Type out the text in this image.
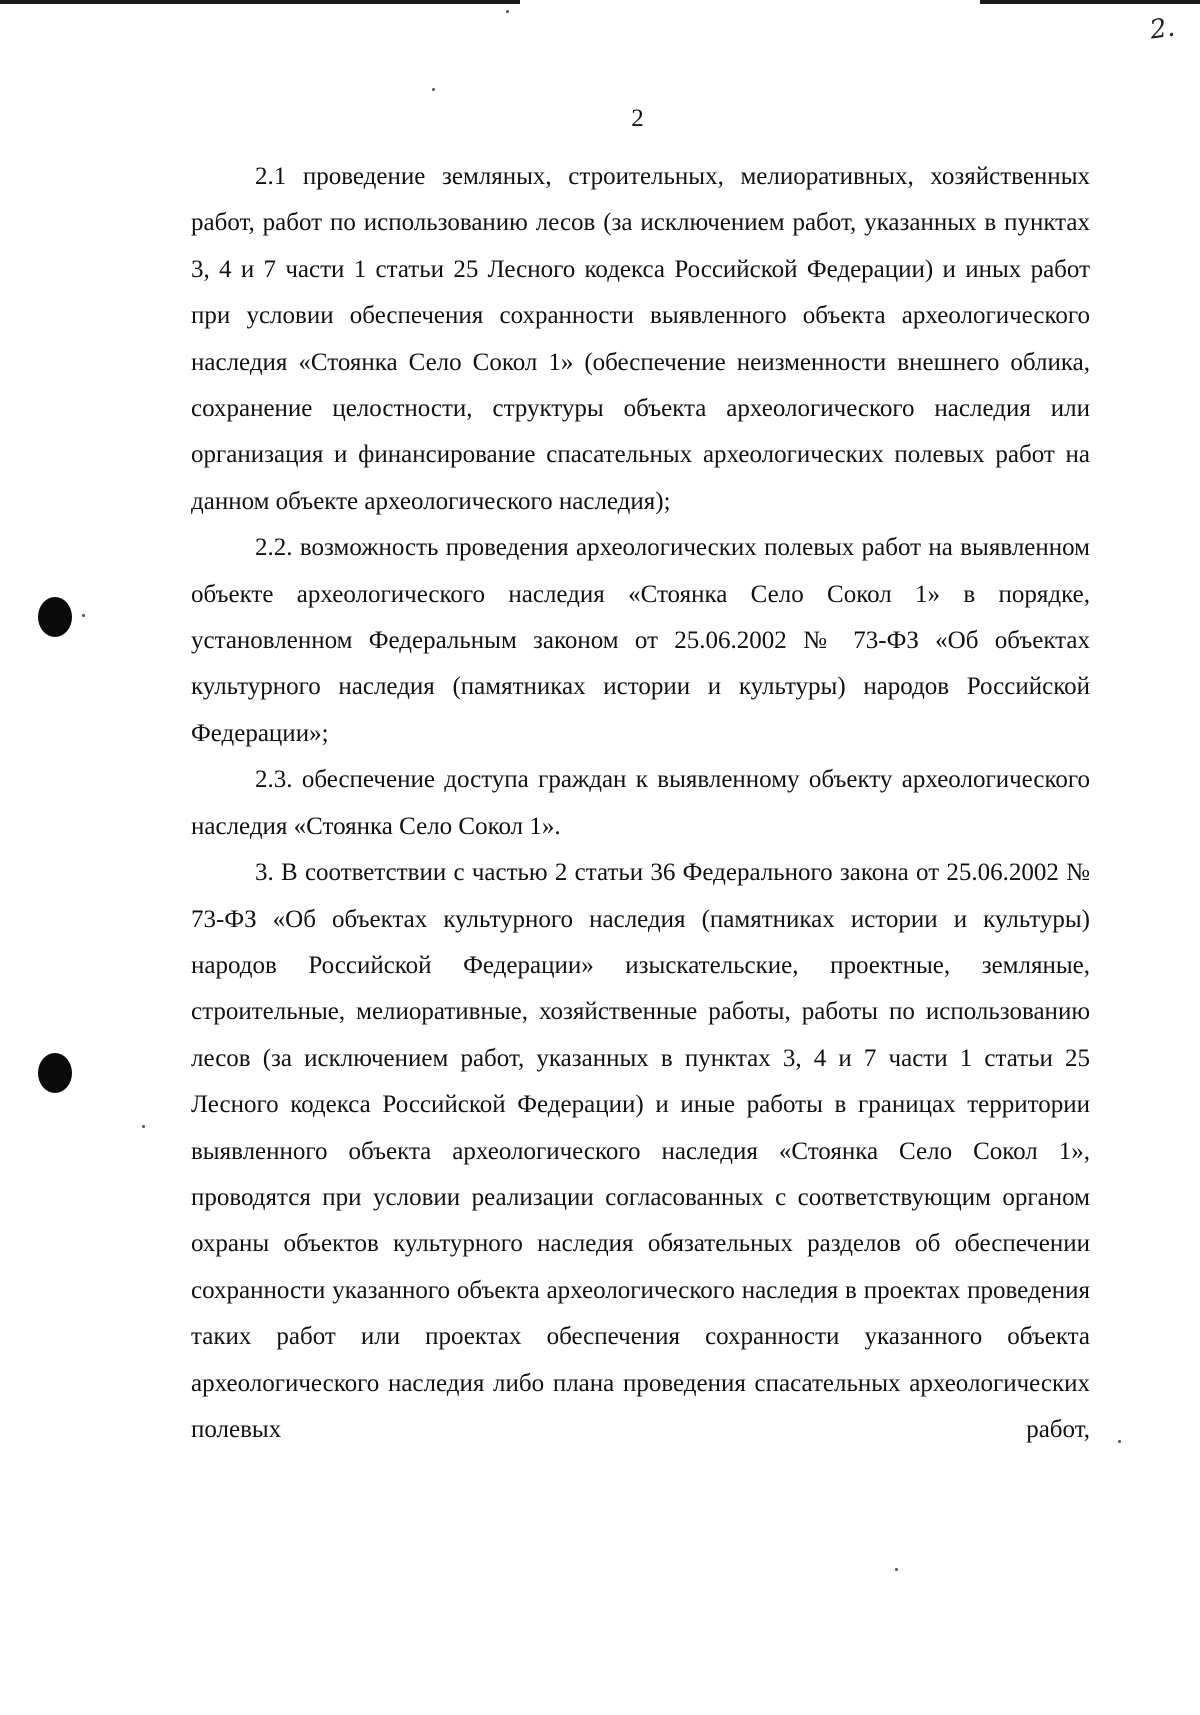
2.
2

2.1 проведение земляных, строительных, мелиоративных, хозяйственных работ, работ по использованию лесов (за исключением работ, указанных в пунктах 3, 4 и 7 части 1 статьи 25 Лесного кодекса Российской Федерации) и иных работ при условии обеспечения сохранности выявленного объекта археологического наследия «Стоянка Село Сокол 1» (обеспечение неизменности внешнего облика, сохранение целостности, структуры объекта археологического наследия или организация и финансирование спасательных археологических полевых работ на данном объекте археологического наследия);

2.2. возможность проведения археологических полевых работ на выявленном объекте археологического наследия «Стоянка Село Сокол 1» в порядке, установленном Федеральным законом от 25.06.2002 № 73-ФЗ «Об объектах культурного наследия (памятниках истории и культуры) народов Российской Федерации»;

2.3. обеспечение доступа граждан к выявленному объекту археологического наследия «Стоянка Село Сокол 1».

3. В соответствии с частью 2 статьи 36 Федерального закона от 25.06.2002 № 73-ФЗ «Об объектах культурного наследия (памятниках истории и культуры) народов Российской Федерации» изыскательские, проектные, земляные, строительные, мелиоративные, хозяйственные работы, работы по использованию лесов (за исключением работ, указанных в пунктах 3, 4 и 7 части 1 статьи 25 Лесного кодекса Российской Федерации) и иные работы в границах территории выявленного объекта археологического наследия «Стоянка Село Сокол 1», проводятся при условии реализации согласованных с соответствующим органом охраны объектов культурного наследия обязательных разделов об обеспечении сохранности указанного объекта археологического наследия в проектах проведения таких работ или проектах обеспечения сохранности указанного объекта археологического наследия либо плана проведения спасательных археологических полевых работ,
